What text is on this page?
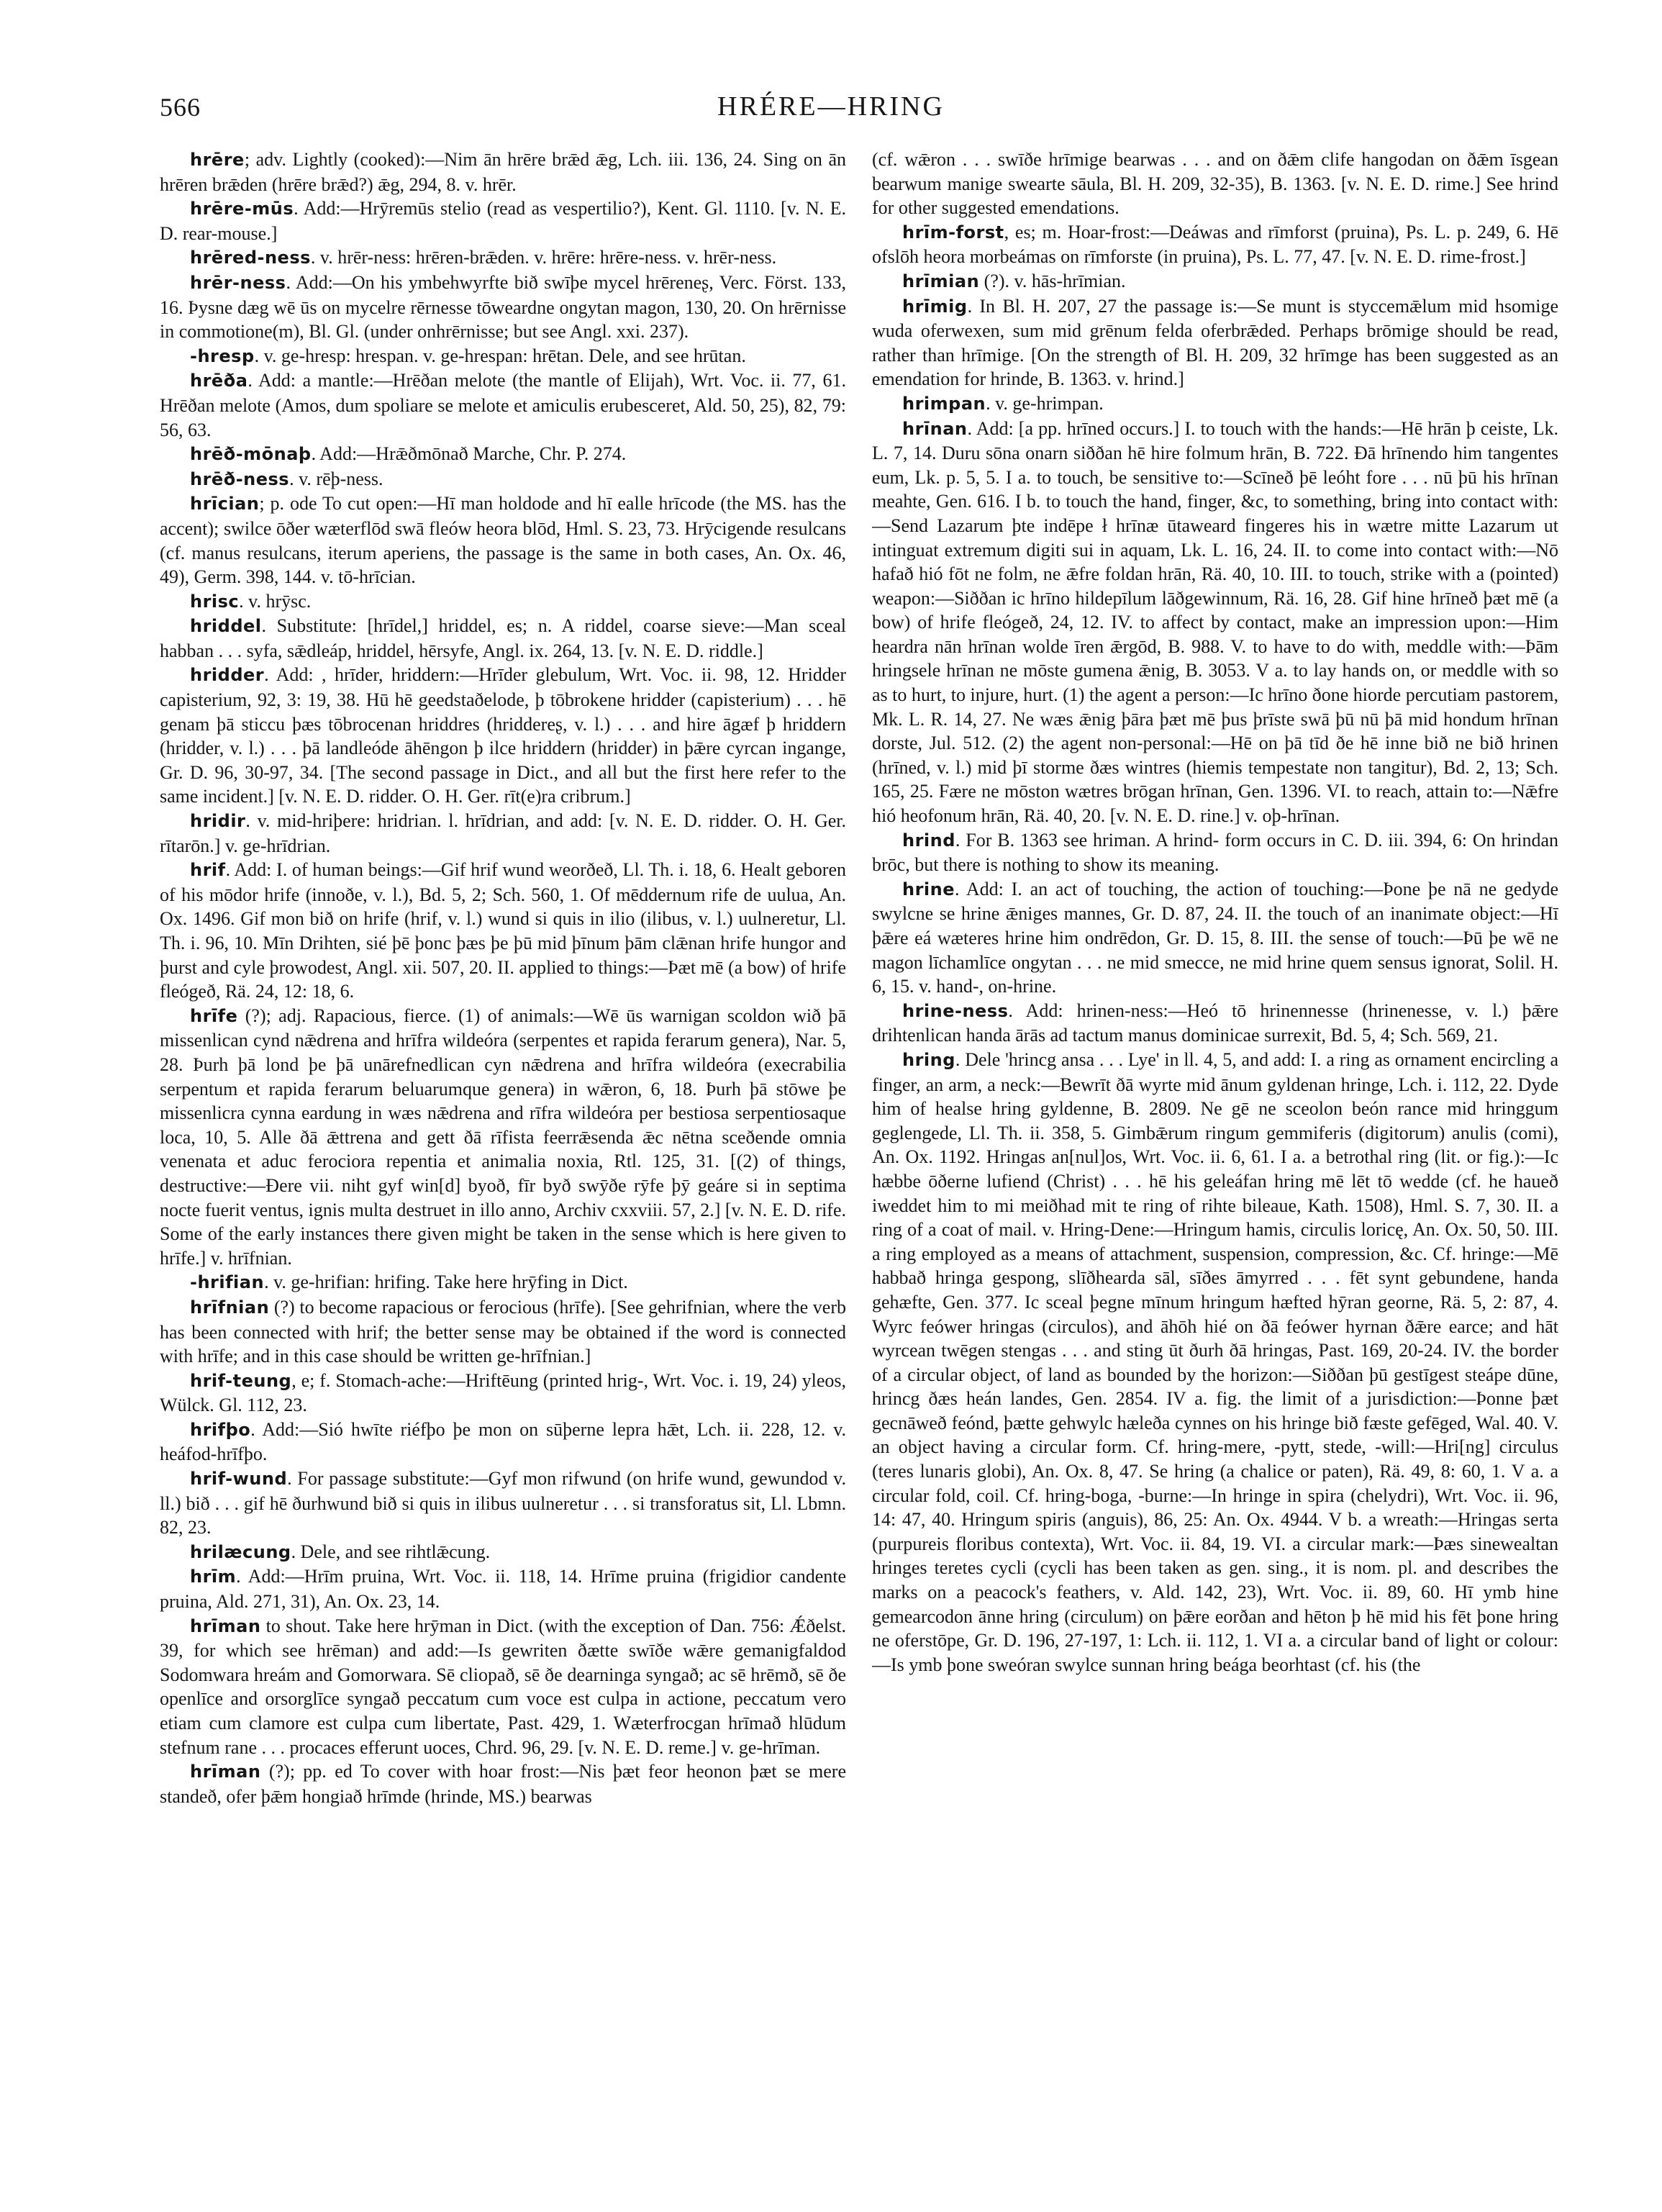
566	HRÉRE—HRING

hrēre; adv. Lightly (cooked):—Nim ān hrēre brǣd ǣg, Lch. iii. 136, 24. Sing on ān hrēren brǣden (hrēre brǣd?) ǣg, 294, 8. v. hrēr.

hrēre-mūs. Add:—Hrȳremūs stelio (read as vespertilio?), Kent. Gl. 1110. [v. N. E. D. rear-mouse.]

hrēred-ness. v. hrēr-ness: hrēren-brǣden. v. hrēre: hrēre-ness. v. hrēr-ness.

hrēr-ness. Add:—On his ymbehwyrfte bið swīþe mycel hrēreneʂ, Verc. Först. 133, 16. Þysne dæg wē ūs on mycelre rērnesse tōweardne ongytan magon, 130, 20. On hrērnisse in commotione(m), Bl. Gl. (under onhrērnisse; but see Angl. xxi. 237).

-hresp. v. ge-hresp: hrespan. v. ge-hrespan: hrētan. Dele, and see hrūtan.

hrēða. Add: a mantle:—Hrēðan melote (the mantle of Elijah), Wrt. Voc. ii. 77, 61. Hrēðan melote (Amos, dum spoliare se melote et amiculis erubesceret, Ald. 50, 25), 82, 79: 56, 63.

hrēð-mōnaþ. Add:—Hrǣðmōnað Marche, Chr. P. 274.

hrēð-ness. v. rēþ-ness.

hrīcian; p. ode To cut open:—Hī man holdode and hī ealle hrīcode (the MS. has the accent); swilce ōðer wæterflōd swā fleów heora blōd, Hml. S. 23, 73. Hrȳcigende resulcans (cf. manus resulcans, iterum aperiens, the passage is the same in both cases, An. Ox. 46, 49), Germ. 398, 144. v. tō-hrīcian.

hrisc. v. hrȳsc.

hriddel. Substitute: [hrīdel,] hriddel, es; n. A riddel, coarse sieve:—Man sceal habban . . . syfa, sǣdleáp, hriddel, hērsyfe, Angl. ix. 264, 13. [v. N. E. D. riddle.]

hridder. Add: , hrīder, hriddern:—Hrīder glebulum, Wrt. Voc. ii. 98, 12. Hridder capisterium, 92, 3: 19, 38. Hū hē geedstaðelode, þ tōbrokene hridder (capisterium) . . . hē genam þā sticcu þæs tōbrocenan hriddres (hriddereʂ, v. l.) . . . and hire āgæf þ hriddern (hridder, v. l.) . . . þā landleóde āhēngon þ ilce hriddern (hridder) in þǣre cyrcan ingange, Gr. D. 96, 30-97, 34. [The second passage in Dict., and all but the first here refer to the same incident.] [v. N. E. D. ridder. O. H. Ger. rīt(e)ra cribrum.]

hridir. v. mid-hriþere: hridrian. l. hrīdrian, and add: [v. N. E. D. ridder. O. H. Ger. rītarōn.] v. ge-hrīdrian.

hrif. Add: I. of human beings:—Gif hrif wund weorðeð, Ll. Th. i. 18, 6. Healt geboren of his mōdor hrife (innoðe, v. l.), Bd. 5, 2; Sch. 560, 1. Of mēddernum rife de uulua, An. Ox. 1496. Gif mon bið on hrife (hrif, v. l.) wund si quis in ilio (ilibus, v. l.) uulneretur, Ll. Th. i. 96, 10. Mīn Drihten, sié þē þonc þæs þe þū mid þīnum þām clǣnan hrife hungor and þurst and cyle þrowodest, Angl. xii. 507, 20. II. applied to things:—Þæt mē (a bow) of hrife fleógeð, Rä. 24, 12: 18, 6.

hrīfe (?); adj. Rapacious, fierce. (1) of animals:—Wē ūs warnigan scoldon wið þā missenlican cynd nǣdrena and hrīfra wildeóra (serpentes et rapida ferarum genera), Nar. 5, 28. Þurh þā lond þe þā unārefnedlican cyn nǣdrena and hrīfra wildeóra (execrabilia serpentum et rapida ferarum beluarumque genera) in wǣron, 6, 18. Þurh þā stōwe þe missenlicra cynna eardung in wæs nǣdrena and rīfra wildeóra per bestiosa serpentiosaque loca, 10, 5. Alle ðā ǣttrena and gett ðā rīfista feerrǣsenda ǣc nētna sceðende omnia venenata et aduc ferociora repentia et animalia noxia, Rtl. 125, 31. [(2) of things, destructive:—Ðere vii. niht gyf win[d] byoð, fīr byð swȳðe rȳfe þȳ geáre si in septima nocte fuerit ventus, ignis multa destruet in illo anno, Archiv cxxviii. 57, 2.] [v. N. E. D. rife. Some of the early instances there given might be taken in the sense which is here given to hrīfe.] v. hrīfnian.

-hrifian. v. ge-hrifian: hrifing. Take here hrȳfing in Dict.

hrīfnian (?) to become rapacious or ferocious (hrīfe). [See gehrifnian, where the verb has been connected with hrif; the better sense may be obtained if the word is connected with hrīfe; and in this case should be written ge-hrīfnian.]

hrif-teung, e; f. Stomach-ache:—Hriftēung (printed hrig-, Wrt. Voc. i. 19, 24) yleos, Wülck. Gl. 112, 23.

hrifþo. Add:—Sió hwīte riéfþo þe mon on sūþerne lepra hǣt, Lch. ii. 228, 12. v. heáfod-hrīfþo.

hrif-wund. For passage substitute:—Gyf mon rifwund (on hrife wund, gewundod v. ll.) bið . . . gif hē ðurhwund bið si quis in ilibus uulneretur . . . si transforatus sit, Ll. Lbmn. 82, 23.

hrilæcung. Dele, and see rihtlǣcung.

hrīm. Add:—Hrīm pruina, Wrt. Voc. ii. 118, 14. Hrīme pruina (frigidior candente pruina, Ald. 271, 31), An. Ox. 23, 14.

hrīman to shout. Take here hrȳman in Dict. (with the exception of Dan. 756: Ǽðelst. 39, for which see hrēman) and add:—Is gewriten ðætte swīðe wǣre gemanigfaldod Sodomwara hreám and Gomorwara. Sē cliopað, sē ðe dearninga syngað; ac sē hrēmð, sē ðe openlīce and orsorglīce syngað peccatum cum voce est culpa in actione, peccatum vero etiam cum clamore est culpa cum libertate, Past. 429, 1. Wæterfrocgan hrīmað hlūdum stefnum rane . . . procaces efferunt uoces, Chrd. 96, 29. [v. N. E. D. reme.] v. ge-hrīman.

hrīman (?); pp. ed To cover with hoar frost:—Nis þæt feor heonon þæt se mere standeð, ofer þǣm hongiað hrīmde (hrinde, MS.) bearwas

(cf. wǣron . . . swīðe hrīmige bearwas . . . and on ðǣm clife hangodan on ðǣm īsgean bearwum manige swearte sāula, Bl. H. 209, 32-35), B. 1363. [v. N. E. D. rime.] See hrind for other suggested emendations.

hrīm-forst, es; m. Hoar-frost:—Deáwas and rīmforst (pruina), Ps. L. p. 249, 6. Hē ofslōh heora morbeámas on rīmforste (in pruina), Ps. L. 77, 47. [v. N. E. D. rime-frost.]

hrīmian (?). v. hās-hrīmian.

hrīmig. In Bl. H. 207, 27 the passage is:—Se munt is styccemǣlum mid hsomige wuda oferwexen, sum mid grēnum felda oferbrǣded. Perhaps brōmige should be read, rather than hrīmige. [On the strength of Bl. H. 209, 32 hrīmge has been suggested as an emendation for hrinde, B. 1363. v. hrind.]

hrimpan. v. ge-hrimpan.

hrīnan. Add: [a pp. hrīned occurs.] I. to touch with the hands:—Hē hrān þ ceiste, Lk. L. 7, 14. Duru sōna onarn siððan hē hire folmum hrān, B. 722. Ðā hrīnendo him tangentes eum, Lk. p. 5, 5. I a. to touch, be sensitive to:—Scīneð þē leóht fore . . . nū þū his hrīnan meahte, Gen. 616. I b. to touch the hand, finger, &c, to something, bring into contact with:—Send Lazarum þte indēpe ł hrīnæ ūtaweard fingeres his in wætre mitte Lazarum ut intinguat extremum digiti sui in aquam, Lk. L. 16, 24. II. to come into contact with:—Nō hafað hió fōt ne folm, ne ǣfre foldan hrān, Rä. 40, 10. III. to touch, strike with a (pointed) weapon:—Siððan ic hrīno hildepīlum lāðgewinnum, Rä. 16, 28. Gif hine hrīneð þæt mē (a bow) of hrife fleógeð, 24, 12. IV. to affect by contact, make an impression upon:—Him heardra nān hrīnan wolde īren ǣrgōd, B. 988. V. to have to do with, meddle with:—Þām hringsele hrīnan ne mōste gumena ǣnig, B. 3053. V a. to lay hands on, or meddle with so as to hurt, to injure, hurt. (1) the agent a person:—Ic hrīno ðone hiorde percutiam pastorem, Mk. L. R. 14, 27. Ne wæs ǣnig þāra þæt mē þus þrīste swā þū nū þā mid hondum hrīnan dorste, Jul. 512. (2) the agent non-personal:—Hē on þā tīd ðe hē inne bið ne bið hrinen (hrīned, v. l.) mid þī storme ðæs wintres (hiemis tempestate non tangitur), Bd. 2, 13; Sch. 165, 25. Fære ne mōston wætres brōgan hrīnan, Gen. 1396. VI. to reach, attain to:—Nǣfre hió heofonum hrān, Rä. 40, 20. [v. N. E. D. rine.] v. oþ-hrīnan.

hrind. For B. 1363 see hriman. A hrind- form occurs in C. D. iii. 394, 6: On hrindan brōc, but there is nothing to show its meaning.

hrine. Add: I. an act of touching, the action of touching:—Þone þe nā ne gedyde swylcne se hrine ǣniges mannes, Gr. D. 87, 24. II. the touch of an inanimate object:—Hī þǣre eá wæteres hrine him ondrēdon, Gr. D. 15, 8. III. the sense of touch:—Þū þe wē ne magon līchamlīce ongytan . . . ne mid smecce, ne mid hrine quem sensus ignorat, Solil. H. 6, 15. v. hand-, on-hrine.

hrine-ness. Add: hrinen-ness:—Heó tō hrinennesse (hrinenesse, v. l.) þǣre drihtenlican handa ārās ad tactum manus dominicae surrexit, Bd. 5, 4; Sch. 569, 21.

hring. Dele 'hrincg ansa . . . Lye' in ll. 4, 5, and add: I. a ring as ornament encircling a finger, an arm, a neck:—Bewrīt ðā wyrte mid ānum gyldenan hringe, Lch. i. 112, 22. Dyde him of healse hring gyldenne, B. 2809. Ne gē ne sceolon beón rance mid hringgum geglengede, Ll. Th. ii. 358, 5. Gimbǣrum ringum gemmiferis (digitorum) anulis (comi), An. Ox. 1192. Hringas an[nul]os, Wrt. Voc. ii. 6, 61. I a. a betrothal ring (lit. or fig.):—Ic hæbbe ōðerne lufiend (Christ) . . . hē his geleáfan hring mē lēt tō wedde (cf. he haueð iweddet him to mi meiðhad mit te ring of rihte bileaue, Kath. 1508), Hml. S. 7, 30. II. a ring of a coat of mail. v. Hring-Dene:—Hringum hamis, circulis loricę, An. Ox. 50, 50. III. a ring employed as a means of attachment, suspension, compression, &c. Cf. hringe:—Mē habbað hringa gespong, slīðhearda sāl, sīðes āmyrred . . . fēt synt gebundene, handa gehæfte, Gen. 377. Ic sceal þegne mīnum hringum hæfted hȳran georne, Rä. 5, 2: 87, 4. Wyrc feówer hringas (circulos), and āhōh hié on ðā feówer hyrnan ðǣre earce; and hāt wyrcean twēgen stengas . . . and sting ūt ðurh ðā hringas, Past. 169, 20-24. IV. the border of a circular object, of land as bounded by the horizon:—Siððan þū gestīgest steápe dūne, hrincg ðæs heán landes, Gen. 2854. IV a. fig. the limit of a jurisdiction:—Þonne þæt gecnāweð feónd, þætte gehwylc hæleða cynnes on his hringe bið fæste gefēged, Wal. 40. V. an object having a circular form. Cf. hring-mere, -pytt, stede, -will:—Hri[ng] circulus (teres lunaris globi), An. Ox. 8, 47. Se hring (a chalice or paten), Rä. 49, 8: 60, 1. V a. a circular fold, coil. Cf. hring-boga, -burne:—In hringe in spira (chelydri), Wrt. Voc. ii. 96, 14: 47, 40. Hringum spiris (anguis), 86, 25: An. Ox. 4944. V b. a wreath:—Hringas serta (purpureis floribus contexta), Wrt. Voc. ii. 84, 19. VI. a circular mark:—Þæs sinewealtan hringes teretes cycli (cycli has been taken as gen. sing., it is nom. pl. and describes the marks on a peacock's feathers, v. Ald. 142, 23), Wrt. Voc. ii. 89, 60. Hī ymb hine gemearcodon ānne hring (circulum) on þǣre eorðan and hēton þ hē mid his fēt þone hring ne oferstōpe, Gr. D. 196, 27-197, 1: Lch. ii. 112, 1. VI a. a circular band of light or colour:—Is ymb þone sweóran swylce sunnan hring beága beorhtast (cf. his (the
